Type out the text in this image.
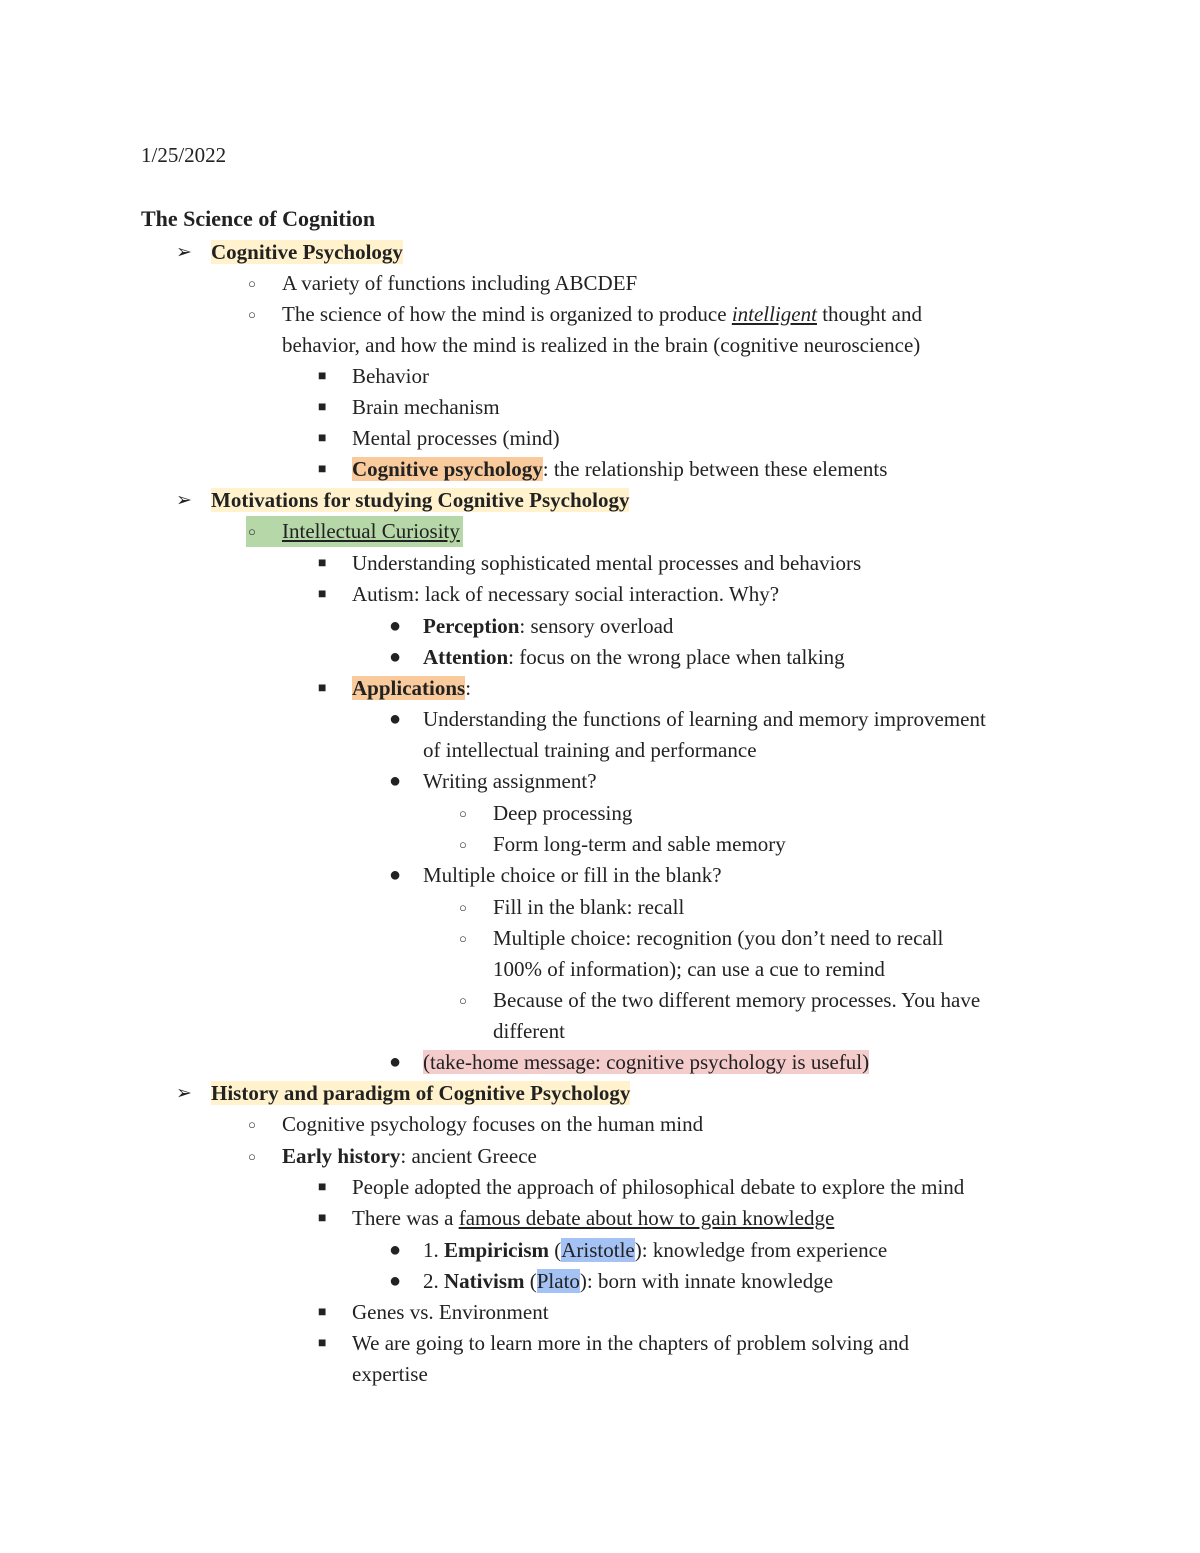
1/25/2022
The Science of Cognition
➢ Cognitive Psychology
○ A variety of functions including ABCDEF
○ The science of how the mind is organized to produce intelligent thought and
behavior, and how the mind is realized in the brain (cognitive neuroscience)
■ Behavior
■ Brain mechanism
■ Mental processes (mind)
■ Cognitive psychology: the relationship between these elements
➢ Motivations for studying Cognitive Psychology
○ Intellectual Curiosity
■ Understanding sophisticated mental processes and behaviors
■ Autism: lack of necessary social interaction. Why?
● Perception: sensory overload
● Attention: focus on the wrong place when talking
■ Applications:
● Understanding the functions of learning and memory improvement
of intellectual training and performance
● Writing assignment?
○ Deep processing
○ Form long-term and sable memory
● Multiple choice or fill in the blank?
○ Fill in the blank: recall
○ Multiple choice: recognition (you don’t need to recall
100% of information); can use a cue to remind
○ Because of the two different memory processes. You have
different
● (take-home message: cognitive psychology is useful)
➢ History and paradigm of Cognitive Psychology
○ Cognitive psychology focuses on the human mind
○ Early history: ancient Greece
■ People adopted the approach of philosophical debate to explore the mind
■ There was a famous debate about how to gain knowledge
● 1. Empiricism (Aristotle): knowledge from experience
● 2. Nativism (Plato): born with innate knowledge
■ Genes vs. Environment
■ We are going to learn more in the chapters of problem solving and
expertise
